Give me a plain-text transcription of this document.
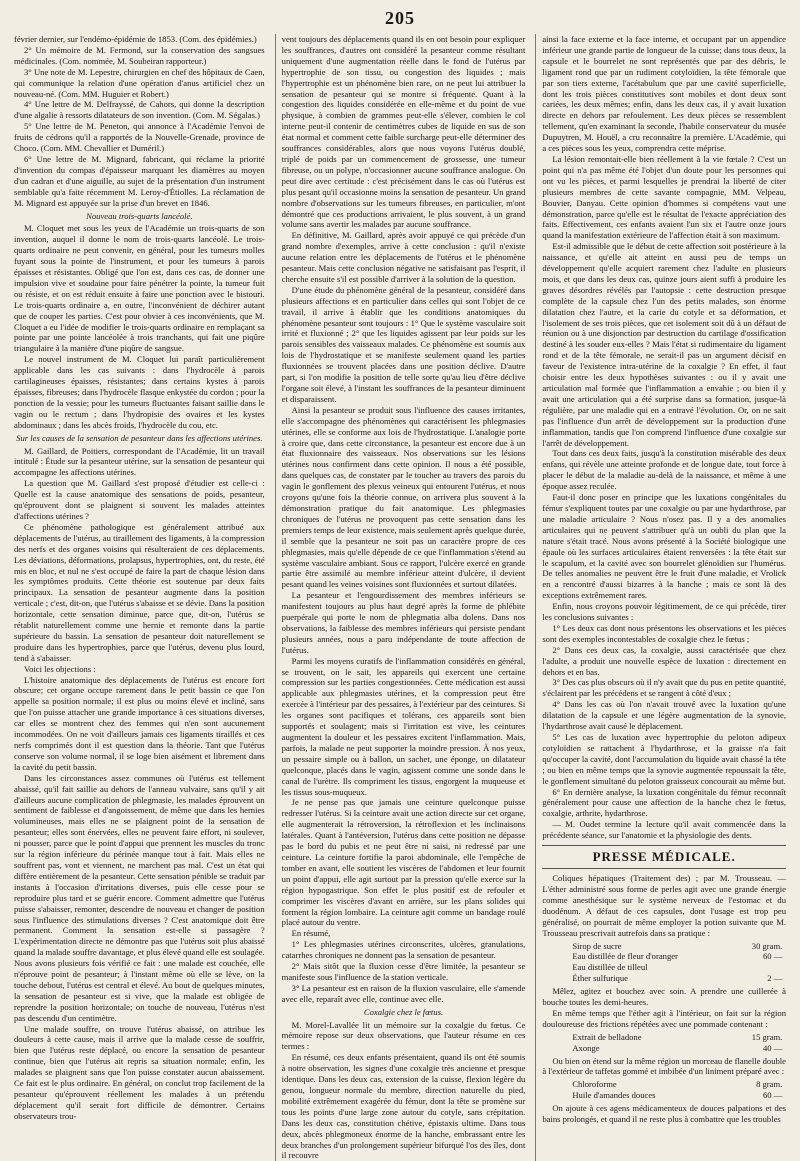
205

février dernier, sur l'endémo-épidémie de 1853. (Com. des épidémies.)

2° Un mémoire de M. Fermond, sur la conservation des sangsues médicinales. (Com. nommée, M. Soubeiran rapporteur.)

3° Une note de M. Lepestre, chirurgien en chef des hôpitaux de Caen, qui communique la relation d'une opération d'anus artificiel chez un nouveau-né. (Com. MM. Huguier et Robert.)

4° Une lettre de M. Delfrayssé, de Cahors, qui donne la description d'une algalie à ressorts dilatateurs de son invention. (Com. M. Ségalas.)

5° Une lettre de M. Peneton, qui annonce à l'Académie l'envoi de fruits de cédrons qu'il a rapportés de la Nouvelle-Grenade, province de Choco. (Com. MM. Chevallier et Duméril.)

6° Une lettre de M. Mignard, fabricant, qui réclame la priorité d'invention du compas d'épaisseur marquant les diamètres au moyen d'un cadran et d'une aiguille, au sujet de la présentation d'un instrument semblable qu'a faite récemment M. Leroy-d'Étiolles. La réclamation de M. Mignard est appuyée sur la prise d'un brevet en 1846.

Nouveau trois-quarts lancéolé.

M. Cloquet met sous les yeux de l'Académie un trois-quarts de son invention, auquel il donne le nom de trois-quarts lancéolé. Le trois-quarts ordinaire ne peut convenir, en général, pour les tumeurs molles fuyant sous la pointe de l'instrument, et pour les tumeurs à parois épaisses et résistantes. Obligé que l'on est, dans ces cas, de donner une impulsion vive et soudaine pour faire pénétrer la pointe, la tumeur fuit ou résiste, et on est réduit ensuite à faire une ponction avec le bistouri. Le trois-quarts ordinaire a, en outre, l'inconvénient de déchirer autant que de couper les parties. C'est pour obvier à ces inconvénients, que M. Cloquet a eu l'idée de modifier le trois-quarts ordinaire en remplaçant sa pointe par une pointe lancéolée à trois tranchants, qui fait une piqûre triangulaire à la manière d'une piqûre de sangsue.

Le nouvel instrument de M. Cloquet lui paraît particulièrement applicable dans les cas suivants : dans l'hydrocèle à parois cartilagineuses épaisses, résistantes; dans certains kystes à parois épaisses, fibreuses; dans l'hydrocèle flasque enkystée du cordon ; pour la ponction de la vessie; pour les tumeurs fluctuantes faisant saillie dans le vagin ou le rectum ; dans l'hydropisie des ovaires et les kystes abdominaux ; dans les abcès froids, l'hydrocèle du cou, etc.

Sur les causes de la sensation de pesanteur dans les affections utérines.

M. Gaillard, de Poitiers, correspondant de l'Académie, lit un travail intitulé : Étude sur la pesanteur utérine, sur la sensation de pesanteur qui accompagne les affections utérines.

La question que M. Gaillard s'est proposé d'étudier est celle-ci : Quelle est la cause anatomique des sensations de poids, pesanteur, qu'éprouvent dont se plaignent si souvent les malades atteintes d'affections utérines ?

Ce phénomène pathologique est généralement attribué aux déplacements de l'utérus, au tiraillement des ligaments, à la compression des nerfs et des organes voisins qui résulteraient de ces déplacements. Les déviations, déformations, prolapsus, hypertrophies, ont, du reste, été mis en bloc, et nul ne s'est occupé de faire la part de chaque lésion dans les symptômes produits. Cette théorie est soutenue par deux faits principaux. La sensation de pesanteur augmente dans la position verticale ; c'est, dit-on, que l'utérus s'abaisse et se dévie. Dans la position horizontale, cette sensation diminue, parce que, dit-on, l'utérus se rétablit naturellement comme une hernie et remonte dans la partie supérieure du bassin. La sensation de pesanteur doit naturellement se produire dans les hypertrophies, parce que l'utérus, devenu plus lourd, tend à s'abaisser.

Voici les objections :

L'histoire anatomique des déplacements de l'utérus est encore fort obscure; cet organe occupe rarement dans le petit bassin ce que l'on appelle sa position normale; il est plus ou moins élevé et incliné, sans que l'on puisse attacher une grande importance à ces situations diverses, car elles se montrent chez des femmes qui n'en sont aucunement incommodées. On ne voit d'ailleurs jamais ces ligaments tiraillés et ces nerfs comprimés dont il est question dans la théorie. Tant que l'utérus conserve son volume normal, il se loge bien aisément et librement dans la cavité du petit bassin.

Dans les circonstances assez communes où l'utérus est tellement abaissé, qu'il fait saillie au dehors de l'anneau vulvaire, sans qu'il y ait d'ailleurs aucune complication de phlegmasie, les malades éprouvent un sentiment de faiblesse et d'angoissement, de même que dans les hernies volumineuses, mais elles ne se plaignent point de la sensation de pesanteur; elles sont énervées, elles ne peuvent faire effort, ni soulever, ni pousser, parce que le point d'appui que prennent les muscles du tronc sur la région inférieure du périnée manque tout à fait. Mais elles ne souffrent pas, vont et viennent, ne marchent pas mal. C'est un état qui diffère entièrement de la pesanteur. Cette sensation pénible se traduit par instants à l'occasion d'irritations diverses, puis elle cesse pour se reproduire plus tard et se guérir encore. Comment admettre que l'utérus puisse s'abaisser, remonter, descendre de nouveau et changer de position sous l'influence des stimulations diverses ? C'est anatomique doit être permanent. Comment la sensation est-elle si passagère ? L'expérimentation directe ne démontre pas que l'utérus soit plus abaissé quand la malade souffre davantage, et plus élevé quand elle est soulagée. Nous avons plusieurs fois vérifié ce fait : une malade est couchée, elle n'éprouve point de pesanteur; à l'instant même où elle se lève, on la touche debout, l'utérus est central et élevé. Au bout de quelques minutes, la sensation de pesanteur est si vive, que la malade est obligée de reprendre la position horizontale; on touche de nouveau, l'utérus n'est pas descendu d'un centimètre.

Une malade souffre, on trouve l'utérus abaissé, on attribue les douleurs à cette cause, mais il arrive que la malade cesse de souffrir, bien que l'utérus reste déplacé, ou encore la sensation de pesanteur continue, bien que l'utérus ait repris sa situation normale; enfin, les malades se plaignent sans que l'on puisse constater aucun abaissement. Ce fait est le plus ordinaire. En général, on conclut trop facilement de la pesanteur qu'éprouvent réellement les malades à un prétendu déplacement qu'il serait fort difficile de démontrer. Certains observateurs trou-

vent toujours des déplacements quand ils en ont besoin pour expliquer les souffrances, d'autres ont considéré la pesanteur comme résultant uniquement d'une augmentation réelle dans le fond de l'utérus par hypertrophie de son tissu, ou congestion des liquides ; mais l'hypertrophie est un phénomène bien rare, on ne peut lui attribuer la sensation de pesanteur qui se montre si fréquente. Quant à la congestion des liquides considérée en elle-même et du point de vue physique, à combien de grammes peut-elle s'élever, combien le col interne peut-il contenir de centimètres cubes de liquide en sus de son état normal et comment cette faible surcharge peut-elle déterminer des souffrances considérables, alors que nous voyons l'utérus doublé, triplé de poids par un commencement de grossesse, une tumeur fibreuse, ou un polype, n'occasionner aucune souffrance analogue. On peut dire avec certitude : c'est précisément dans le cas où l'utérus est plus pesant qu'il occasionne moins la sensation de pesanteur. Un grand nombre d'observations sur les tumeurs fibreuses, en particulier, m'ont démontré que ces productions arrivaient, le plus souvent, à un grand volume sans avertir les malades par aucune souffrance.

En définitive, M. Gaillard, après avoir appuyé ce qui précède d'un grand nombre d'exemples, arrive à cette conclusion : qu'il n'existe aucune relation entre les déplacements de l'utérus et le phénomène pesanteur. Mais cette conclusion négative ne satisfaisant pas l'esprit, il cherche ensuite s'il est possible d'arriver à la solution de la question.

D'une étude du phénomène général de la pesanteur, considéré dans plusieurs affections et en particulier dans celles qui sont l'objet de ce travail, il arrive à établir que les conditions anatomiques du phénomène pesanteur sont toujours : 1° Que le système vasculaire soit irrité et fluxionné ; 2° que les liquides agissent par leur poids sur les parois sensibles des vaisseaux malades. Ce phénomène est soumis aux lois de l'hydrostatique et se manifeste seulement quand les parties fluxionnées se trouvent placées dans une position déclive. D'autre part, si l'on modifie la position de telle sorte qu'au lieu d'être déclive l'organe soit élevé, à l'instant les souffrances de la pesanteur diminuent et disparaissent.

Ainsi la pesanteur se produit sous l'influence des causes irritantes, elle s'accompagne des phénomènes qui caractérisent les phlegmasies utérines, elle se conforme aux lois de l'hydrostatique. L'analogie porte à croire que, dans cette circonstance, la pesanteur est encore due à un état fluxionnaire des vaisseaux. Nos observations sur les lésions utérines nous confirment dans cette opinion. Il nous a été possible, dans quelques cas, de constater par le toucher au travers des parois du vagin le gonflement des plexus veineux qui entourent l'utérus, et nous croyons qu'une fois la théorie connue, on arrivera plus souvent à la démonstration pratique du fait anatomique. Les phlegmasies chroniques de l'utérus ne provoquent pas cette sensation dans les premiers temps de leur existence, mais seulement après quelque durée, il semble que la pesanteur ne soit pas un caractère propre de ces phlegmasies, mais qu'elle dépende de ce que l'inflammation s'étend au système vasculaire ambiant. Sous ce rapport, l'ulcère exercé en grande partie être assimilé au membre inférieur atteint d'ulcère, il devient pesant quand les veines voisines sont fluxionnées et surtout dilatées.

La pesanteur et l'engourdissement des membres inférieurs se manifestent toujours au plus haut degré après la forme de phlébite puerpérale qui porte le nom de phlegmatia alba dolens. Dans nos observations, la faiblesse des membres inférieurs qui persiste pendant plusieurs années, nous a paru indépendante de toute affection de l'utérus.

Parmi les moyens curatifs de l'inflammation considérés en général, se trouvent, on le sait, les appareils qui exercent une certaine compression sur les parties congestionnées. Cette médication est aussi applicable aux phlegmasies utérines, et la compression peut être exercée à l'intérieur par des pessaires, à l'extérieur par des ceintures. Si les organes sont pacifiques et tolérans, ces appareils sont bien supportés et soulagent; mais si l'irritation est vive, les ceintures augmentent la douleur et les pessaires excitent l'inflammation. Mais, parfois, la malade ne peut supporter la moindre pression. À nos yeux, un pessaire simple ou à ballon, un sachet, une éponge, un dilatateur quelconque, placés dans le vagin, agissent comme une sonde dans le canal de l'urètre. Ils compriment les tissus, engorgent la muqueuse et les tissus sous-muqueux.

Je ne pense pas que jamais une ceinture quelconque puisse redresser l'utérus. Si la ceinture avait une action directe sur cet organe, elle augmenterait la rétroversion, la rétroflexion et les inclinaisons latérales. Quant à l'antéversion, l'utérus dans cette position ne dépasse pas le bord du pubis et ne peut être ni saisi, ni redressé par une ceinture. La ceinture fortifie la paroi abdominale, elle l'empêche de tomber en avant, elle soutient les viscères de l'abdomen et leur fournit un point d'appui, elle agit surtout par la pression qu'elle exerce sur la région hypogastrique. Son effet le plus positif est de refouler et comprimer les viscères d'avant en arrière, sur les plans solides qui forment la région lombaire. La ceinture agit comme un bandage roulé placé autour du ventre.

En résumé,

1° Les phlegmasies utérines circonscrites, ulcères, granulations, catarrhes chroniques ne donnent pas la sensation de pesanteur.

2° Mais sitôt que la fluxion cesse d'être limitée, la pesanteur se manifeste sous l'influence de la station verticale.

3° La pesanteur est en raison de la fluxion vasculaire, elle s'amende avec elle, reparaît avec elle, continue avec elle.

Coxalgie chez le fœtus.

M. Morel-Lavallée lit un mémoire sur la coxalgie du fœtus. Ce mémoire repose sur deux observations, que l'auteur résume en ces termes :

En résumé, ces deux enfants présentaient, quand ils ont été soumis à notre observation, les signes d'une coxalgie très ancienne et presque identique. Dans les deux cas, extension de la cuisse, flexion légère du genou, longueur normale du membre, direction naturelle du pied, mobilité extrêmement exagérée du fémur, dont la tête se promène sur tous les points d'une large zone autour du cotyle, sans crépitation. Dans les deux cas, constitution chétive, épistaxis ultime. Dans tous deux, abcès phlegmoneux énorme de la hanche, embrassant entre les deux branches d'un prolongement supérieur bifurqué l'os des îles, dont il recouvre

ainsi la face externe et la face interne, et occupant par un appendice inférieur une grande partie de longueur de la cuisse; dans tous deux, la capsule et le bourrelet ne sont représentés que par des débris, le ligament rond que par un rudiment cotyloïdien, la tête fémorale que par son tiers externe, l'acétabulum que par une cavité superficielle, dont les trois pièces constitutives sont mobiles et dont deux sont cariées, les deux mêmes; enfin, dans les deux cas, il y avait luxation directe en dehors par refoulement. Les deux pièces se ressemblent tellement, qu'en examinant la seconde, l'habile conservateur du musée Dupuytren, M. Houël, a cru reconnaître la première. L'Académie, qui a ces pièces sous les yeux, comprendra cette méprise.

La lésion remontait-elle bien réellement à la vie fœtale ? C'est un point qui n'a pas même été l'objet d'un doute pour les personnes qui ont vu les pièces, et parmi lesquelles je prendrai la liberté de citer plusieurs membres de cette savante compagnie, MM. Velpeau, Bouvier, Danyau. Cette opinion d'hommes si compétens vaut une démonstration, parce qu'elle est le résultat de l'exacte appréciation des faits. Effectivement, ces enfants avaient l'un six et l'autre onze jours quand la manifestation extérieure de l'affection était à son maximum.

Est-il admissible que le début de cette affection soit postérieure à la naissance, et qu'elle ait atteint en aussi peu de temps un développement qu'elle acquiert rarement chez l'adulte en plusieurs mois, et que dans les deux cas, quinze jours aient suffi à produire les graves désordres révélés par l'autopsie : cette destruction presque complète de la capsule chez l'un des petits malades, son énorme dilatation chez l'autre, et la carie du cotyle et sa déformation, et l'isolement de ses trois pièces, que cet isolement soit dû à un défaut de réunion ou à une disjonction par destruction du cartilage d'ossification destiné à les souder eux-elles ? Mais l'état si rudimentaire du ligament rond et de la tête fémorale, ne serait-il pas un argument décisif en faveur de l'existence intra-utérine de la coxalgie ? En effet, il faut choisir entre les deux hypothèses suivantes : ou il y avait une articulation mal formée que l'inflammation a envahie ; ou bien il y avait une articulation qui a été surprise dans sa formation, jusque-là régulière, par une maladie qui en a entravé l'évolution. Or, on ne sait pas l'influence d'un arrêt de développement sur la production d'une inflammation, tandis que l'on comprend l'influence d'une coxalgie sur l'arrêt de développement.

Tout dans ces deux faits, jusqu'à la constitution misérable des deux enfans, qui révèle une atteinte profonde et de longue date, tout force à placer le début de la maladie au-delà de la naissance, et même à une époque assez reculée.

Faut-il donc poser en principe que les luxations congénitales du fémur s'expliquent toutes par une coxalgie ou par une hydarthrose, par une maladie articulaire ? Nous n'osez pas. Il y a des anomalies articulaires qui ne peuvent s'attribuer qu'à un oubli du plan que la nature s'était tracé. Nous avons présenté à la Société biologique une épaule où les surfaces articulaires étaient renversées : la tête était sur le scapulum, et la cavité avec son bourrelet glénoïdien sur l'humérus. De telles anomalies ne peuvent être le fruit d'une maladie, et Vrolick en a rencontré d'aussi bizarres à la hanche ; mais ce sont là des exceptions extrêmement rares.

Enfin, nous croyons pouvoir légitimement, de ce qui précède, tirer les conclusions suivantes :

1° Les deux cas dont nous présentons les observations et les pièces sont des exemples incontestables de coxalgie chez le fœtus ;

2° Dans ces deux cas, la coxalgie, aussi caractérisée que chez l'adulte, a produit une nouvelle espèce de luxation : directement en dehors et en bas.

3° Des cas plus obscurs où il n'y avait que du pus en petite quantité, s'éclairent par les précédens et se rangent à côté d'eux ;

4° Dans les cas où l'on n'avait trouvé avec la luxation qu'une dilatation de la capsule et une légère augmentation de la synovie, l'hydarthrose avait causé le déplacement.

5° Les cas de luxation avec hypertrophie du peloton adipeux cotyloïdien se rattachent à l'hydarthrose, et la graisse n'a fait qu'occuper la cavité, dont l'accumulation du liquide avait chassé la tête ; ou bien en même temps que la synovie augmentée repoussait la tête, le gonflement simultané du peloton graisseux concourait au même but.

6° En dernière analyse, la luxation congénitale du fémur reconnaît généralement pour cause une affection de la hanche chez le fœtus, coxalgie, arthrite, hydarthrose.

— M. Oudet termine la lecture qu'il avait commencée dans la précédente séance, sur l'anatomie et la physiologie des dents.

PRESSE MÉDICALE.

Coliques hépatiques (Traitement des) ; par M. Trousseau. — L'éther administré sous forme de perles agit avec une grande énergie comme anesthésique sur le système nerveux de l'estomac et du duodénum. A défaut de ces capsules, dont l'usage est trop peu généralisé, on pourrait de même employer la potion suivante que M. Trousseau prescrivait autrefois dans sa pratique :

Sirop de sucre	30 gram.
Eau distillée de fleur d'oranger	60 —
Eau distillée de tilleul
Éther sulfurique	2 —

Mêlez, agitez et bouchez avec soin. A prendre une cuillerée à bouche toutes les demi-heures.

En même temps que l'éther agit à l'intérieur, on fait sur la région douloureuse des frictions répétées avec une pommade contenant :

Extrait de belladone	15 gram.
Axonge	40 —

Ou bien on étend sur la même région un morceau de flanelle double à l'extérieur de taffetas gommé et imbibée d'un liniment préparé avec :

Chloroforme	8 gram.
Huile d'amandes douces	60 —

On ajoute à ces agens médicamenteux de douces palpations et des bains prolongés, et quand il ne reste plus à combattre que les troubles
